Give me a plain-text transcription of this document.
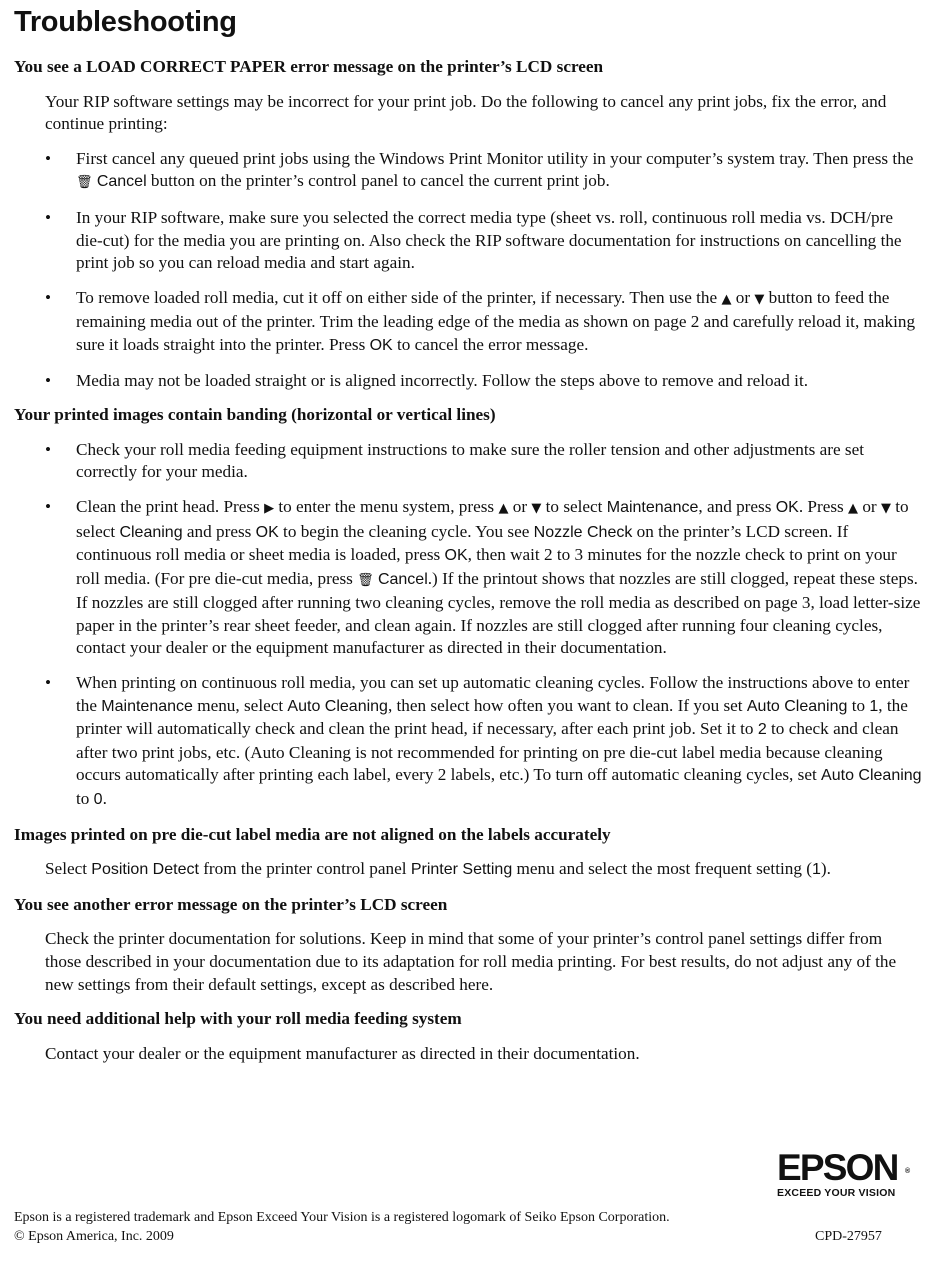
Troubleshooting
You see a LOAD CORRECT PAPER error message on the printer’s LCD screen

Your RIP software settings may be incorrect for your print job. Do the following to cancel any print jobs, fix the error, and continue printing:

• First cancel any queued print jobs using the Windows Print Monitor utility in your computer’s system tray. Then press the 🗑 Cancel button on the printer’s control panel to cancel the current print job.
• In your RIP software, make sure you selected the correct media type (sheet vs. roll, continuous roll media vs. DCH/pre die-cut) for the media you are printing on. Also check the RIP software documentation for instructions on cancelling the print job so you can reload media and start again.
• To remove loaded roll media, cut it off on either side of the printer, if necessary. Then use the ▲ or ▼ button to feed the remaining media out of the printer. Trim the leading edge of the media as shown on page 2 and carefully reload it, making sure it loads straight into the printer. Press OK to cancel the error message.
• Media may not be loaded straight or is aligned incorrectly. Follow the steps above to remove and reload it.
Your printed images contain banding (horizontal or vertical lines)
• Check your roll media feeding equipment instructions to make sure the roller tension and other adjustments are set correctly for your media.
• Clean the print head. Press ▶ to enter the menu system, press ▲ or ▼ to select Maintenance, and press OK. Press ▲ or ▼ to select Cleaning and press OK to begin the cleaning cycle. You see Nozzle Check on the printer’s LCD screen. If continuous roll media or sheet media is loaded, press OK, then wait 2 to 3 minutes for the nozzle check to print on your roll media. (For pre die-cut media, press 🗑 Cancel.) If the printout shows that nozzles are still clogged, repeat these steps. If nozzles are still clogged after running two cleaning cycles, remove the roll media as described on page 3, load letter-size paper in the printer’s rear sheet feeder, and clean again. If nozzles are still clogged after running four cleaning cycles, contact your dealer or the equipment manufacturer as directed in their documentation.
• When printing on continuous roll media, you can set up automatic cleaning cycles. Follow the instructions above to enter the Maintenance menu, select Auto Cleaning, then select how often you want to clean. If you set Auto Cleaning to 1, the printer will automatically check and clean the print head, if necessary, after each print job. Set it to 2 to check and clean after two print jobs, etc. (Auto Cleaning is not recommended for printing on pre die-cut label media because cleaning occurs automatically after printing each label, every 2 labels, etc.) To turn off automatic cleaning cycles, set Auto Cleaning to 0.
Images printed on pre die-cut label media are not aligned on the labels accurately

Select Position Detect from the printer control panel Printer Setting menu and select the most frequent setting (1).

You see another error message on the printer’s LCD screen

Check the printer documentation for solutions. Keep in mind that some of your printer’s control panel settings differ from those described in your documentation due to its adaptation for roll media printing. For best results, do not adjust any of the new settings from their default settings, except as described here.

You need additional help with your roll media feeding system

Contact your dealer or the equipment manufacturer as directed in their documentation.

EPSON ®
EXCEED YOUR VISION
Epson is a registered trademark and Epson Exceed Your Vision is a registered logomark of Seiko Epson Corporation.
© Epson America, Inc. 2009	CPD-27957
